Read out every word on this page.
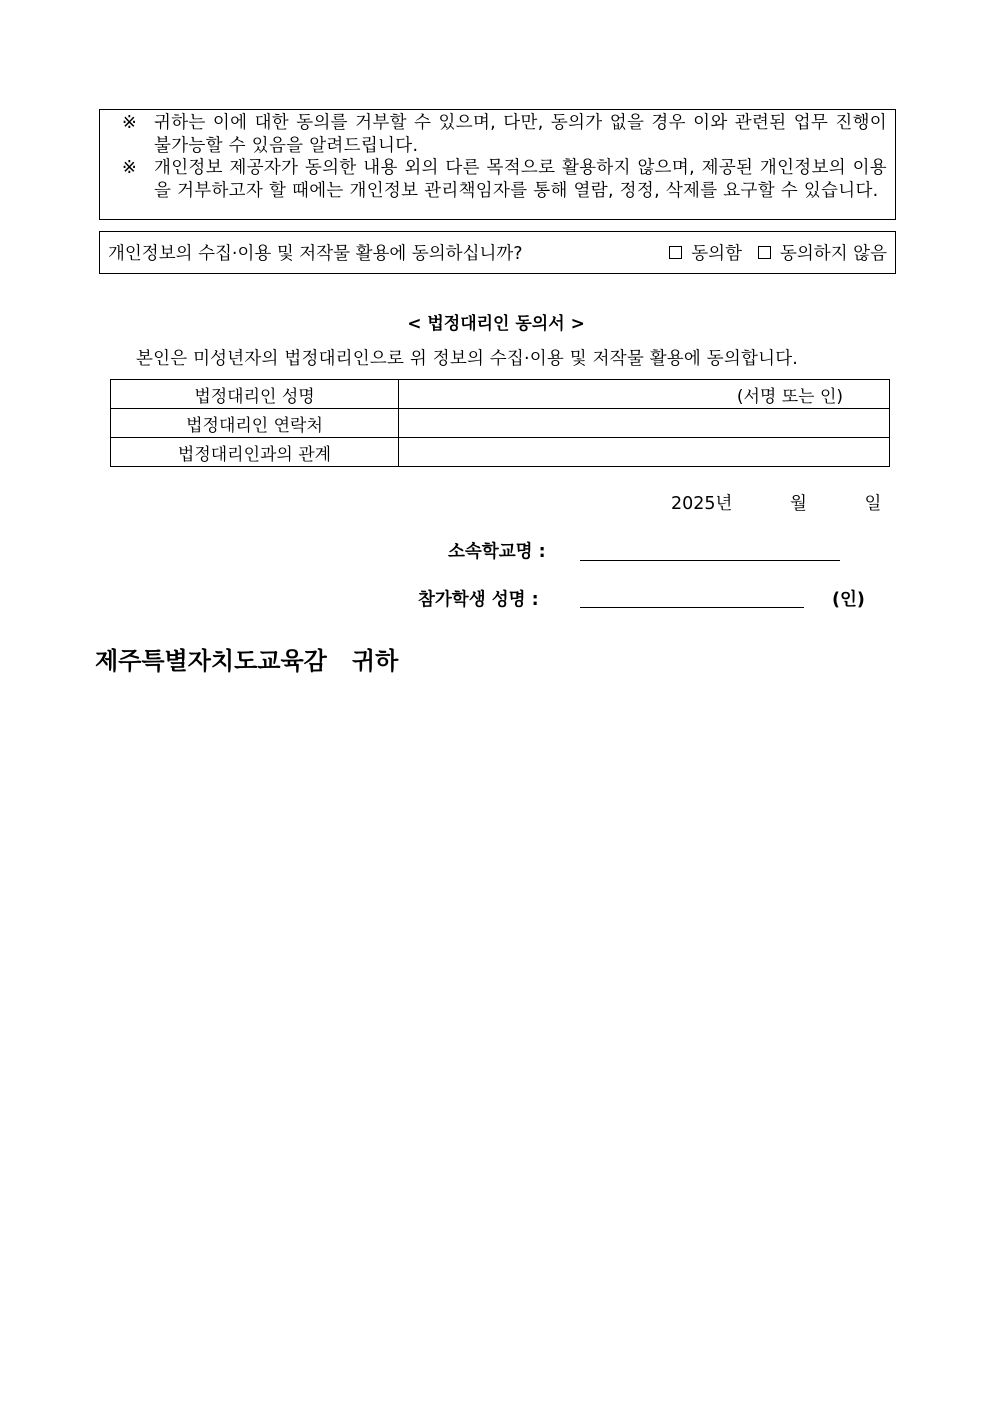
※ 귀하는 이에 대한 동의를 거부할 수 있으며, 다만, 동의가 없을 경우 이와 관련된 업무 진행이 불가능할 수 있음을 알려드립니다.
※ 개인정보 제공자가 동의한 내용 외의 다른 목적으로 활용하지 않으며, 제공된 개인정보의 이용을 거부하고자 할 때에는 개인정보 관리책임자를 통해 열람, 정정, 삭제를 요구할 수 있습니다.
개인정보의 수집·이용 및 저작물 활용에 동의하십니까?	동의함 동의하지 않음
< 법정대리인 동의서 >
본인은 미성년자의 법정대리인으로 위 정보의 수집·이용 및 저작물 활용에 동의합니다.
법정대리인 성명	(서명 또는 인)
법정대리인 연락처	
법정대리인과의 관계	
2025년	월	일
소속학교명 :
참가학생 성명 :	(인)
제주특별자치도교육감   귀하
